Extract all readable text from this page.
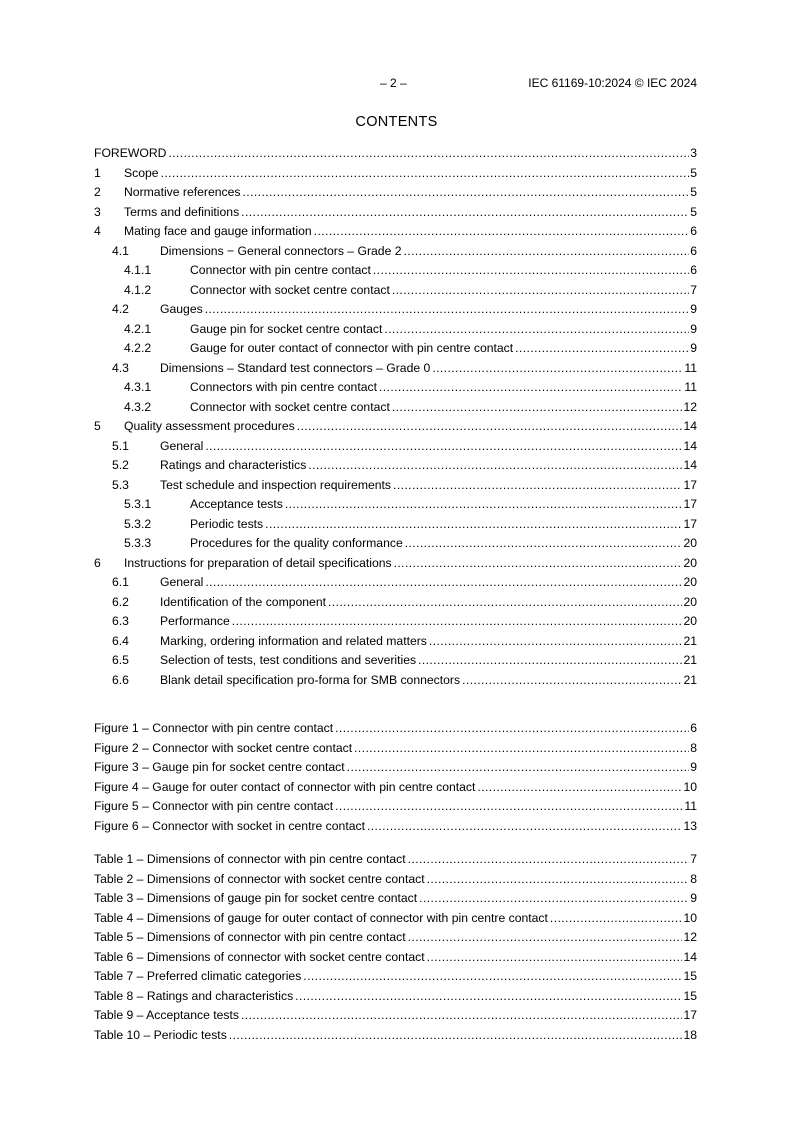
– 2 –	IEC 61169-10:2024 © IEC 2024
CONTENTS
FOREWORD .....	3
1	Scope .....	5
2	Normative references .....	5
3	Terms and definitions .....	5
4	Mating face and gauge information .....	6
4.1	Dimensions − General connectors – Grade 2 .....	6
4.1.1	Connector with pin centre contact .....	6
4.1.2	Connector with socket centre contact .....	7
4.2	Gauges .....	9
4.2.1	Gauge pin for socket centre contact .....	9
4.2.2	Gauge for outer contact of connector with pin centre contact .....	9
4.3	Dimensions – Standard test connectors – Grade 0 .....	11
4.3.1	Connectors with pin centre contact .....	11
4.3.2	Connector with socket centre contact .....	12
5	Quality assessment procedures .....	14
5.1	General .....	14
5.2	Ratings and characteristics .....	14
5.3	Test schedule and inspection requirements .....	17
5.3.1	Acceptance tests .....	17
5.3.2	Periodic tests .....	17
5.3.3	Procedures for the quality conformance .....	20
6	Instructions for preparation of detail specifications .....	20
6.1	General .....	20
6.2	Identification of the component .....	20
6.3	Performance .....	20
6.4	Marking, ordering information and related matters .....	21
6.5	Selection of tests, test conditions and severities .....	21
6.6	Blank detail specification pro-forma for SMB connectors .....	21
Figure 1 – Connector with pin centre contact .....	6
Figure 2 – Connector with socket centre contact .....	8
Figure 3 – Gauge pin for socket centre contact .....	9
Figure 4 – Gauge for outer contact of connector with pin centre contact .....	10
Figure 5 – Connector with pin centre contact .....	11
Figure 6 – Connector with socket in centre contact .....	13
Table 1 – Dimensions of connector with pin centre contact .....	7
Table 2 – Dimensions of connector with socket centre contact .....	8
Table 3 – Dimensions of gauge pin for socket centre contact .....	9
Table 4 – Dimensions of gauge for outer contact of connector with pin centre contact .....	10
Table 5 – Dimensions of connector with pin centre contact .....	12
Table 6 – Dimensions of connector with socket centre contact .....	14
Table 7 – Preferred climatic categories .....	15
Table 8 – Ratings and characteristics .....	15
Table 9 – Acceptance tests .....	17
Table 10 – Periodic tests .....	18
